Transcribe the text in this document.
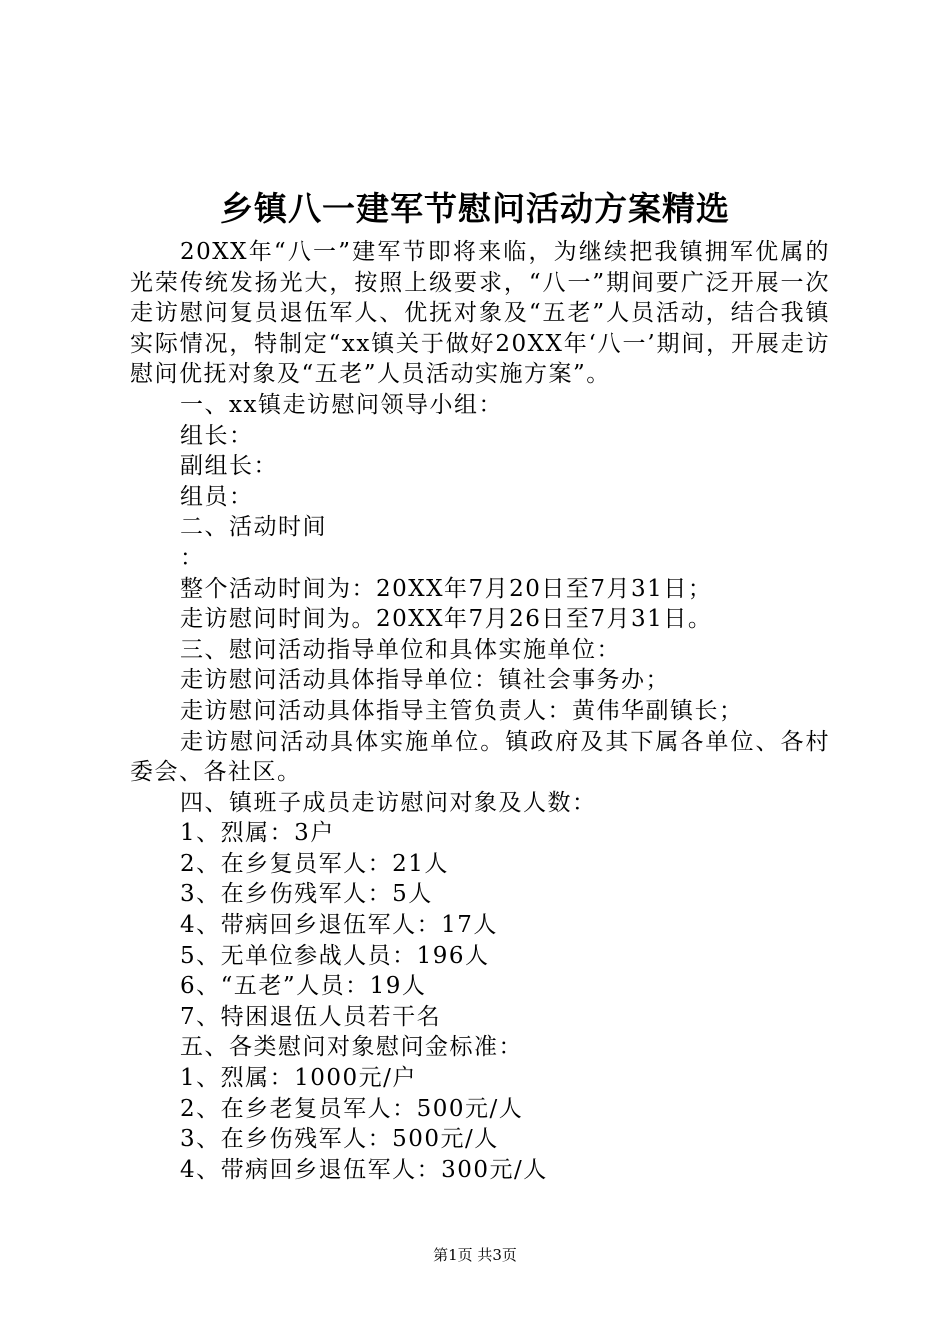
乡镇八一建军节慰问活动方案精选

20XX年“八一”建军节即将来临，为继续把我镇拥军优属的光荣传统发扬光大，按照上级要求，“八一”期间要广泛开展一次走访慰问复员退伍军人、优抚对象及“五老”人员活动，结合我镇实际情况，特制定“xx镇关于做好20XX年‘八一’期间，开展走访慰问优抚对象及“五老”人员活动实施方案”。

一、xx镇走访慰问领导小组：

组长：

副组长：

组员：

二、活动时间

：

整个活动时间为：20XX年7月20日至7月31日；

走访慰问时间为。20XX年7月26日至7月31日。

三、慰问活动指导单位和具体实施单位：

走访慰问活动具体指导单位：镇社会事务办；

走访慰问活动具体指导主管负责人：黄伟华副镇长；

走访慰问活动具体实施单位。镇政府及其下属各单位、各村委会、各社区。

四、镇班子成员走访慰问对象及人数：

1、烈属：3户

2、在乡复员军人：21人

3、在乡伤残军人：5人

4、带病回乡退伍军人：17人

5、无单位参战人员：196人

6、“五老”人员：19人

7、特困退伍人员若干名

五、各类慰问对象慰问金标准：

1、烈属：1000元/户

2、在乡老复员军人：500元/人

3、在乡伤残军人：500元/人

4、带病回乡退伍军人：300元/人

第1页 共3页
